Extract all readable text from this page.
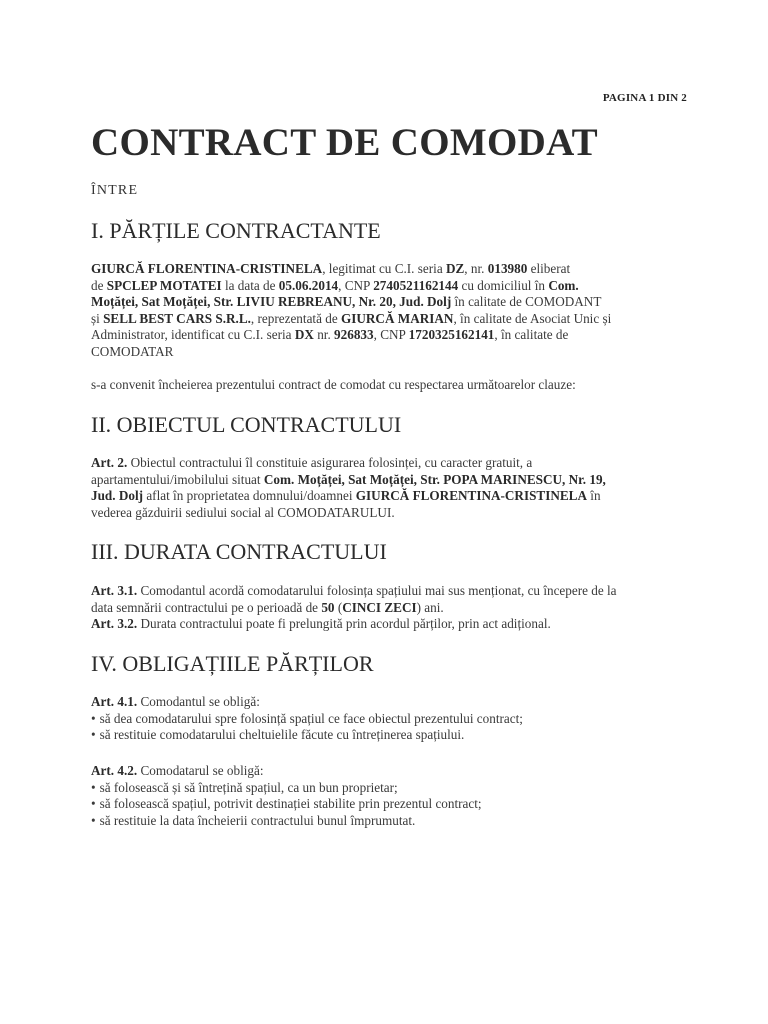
PAGINA 1 DIN 2
CONTRACT DE COMODAT
ÎNTRE
I. PĂRȚILE CONTRACTANTE
GIURCĂ FLORENTINA-CRISTINELA, legitimat cu C.I. seria DZ, nr. 013980 eliberat
de SPCLEP MOTATEI la data de 05.06.2014, CNP 2740521162144 cu domiciliul în Com.
Moțăței, Sat Moțăței, Str. LIVIU REBREANU, Nr. 20, Jud. Dolj în calitate de COMODANT
și SELL BEST CARS S.R.L., reprezentată de GIURCĂ MARIAN, în calitate de Asociat Unic și
Administrator, identificat cu C.I. seria DX nr. 926833, CNP 1720325162141, în calitate de
COMODATAR
s-a convenit încheierea prezentului contract de comodat cu respectarea următoarelor clauze:
II. OBIECTUL CONTRACTULUI
Art. 2. Obiectul contractului îl constituie asigurarea folosinței, cu caracter gratuit, a
apartamentului/imobilului situat Com. Moțăței, Sat Moțăței, Str. POPA MARINESCU, Nr. 19,
Jud. Dolj aflat în proprietatea domnului/doamnei GIURCĂ FLORENTINA-CRISTINELA în
vederea găzduirii sediului social al COMODATARULUI.
III. DURATA CONTRACTULUI
Art. 3.1. Comodantul acordă comodatarului folosința spațiului mai sus menționat, cu începere de la
data semnării contractului pe o perioadă de 50 (CINCI ZECI) ani.
Art. 3.2. Durata contractului poate fi prelungită prin acordul părților, prin act adițional.
IV. OBLIGAȚIILE PĂRȚILOR
Art. 4.1. Comodantul se obligă:
• să dea comodatarului spre folosință spațiul ce face obiectul prezentului contract;
• să restituie comodatarului cheltuielile făcute cu întreținerea spațiului.
Art. 4.2. Comodatarul se obligă:
• să folosească și să întrețină spațiul, ca un bun proprietar;
• să folosească spațiul, potrivit destinației stabilite prin prezentul contract;
• să restituie la data încheierii contractului bunul împrumutat.
